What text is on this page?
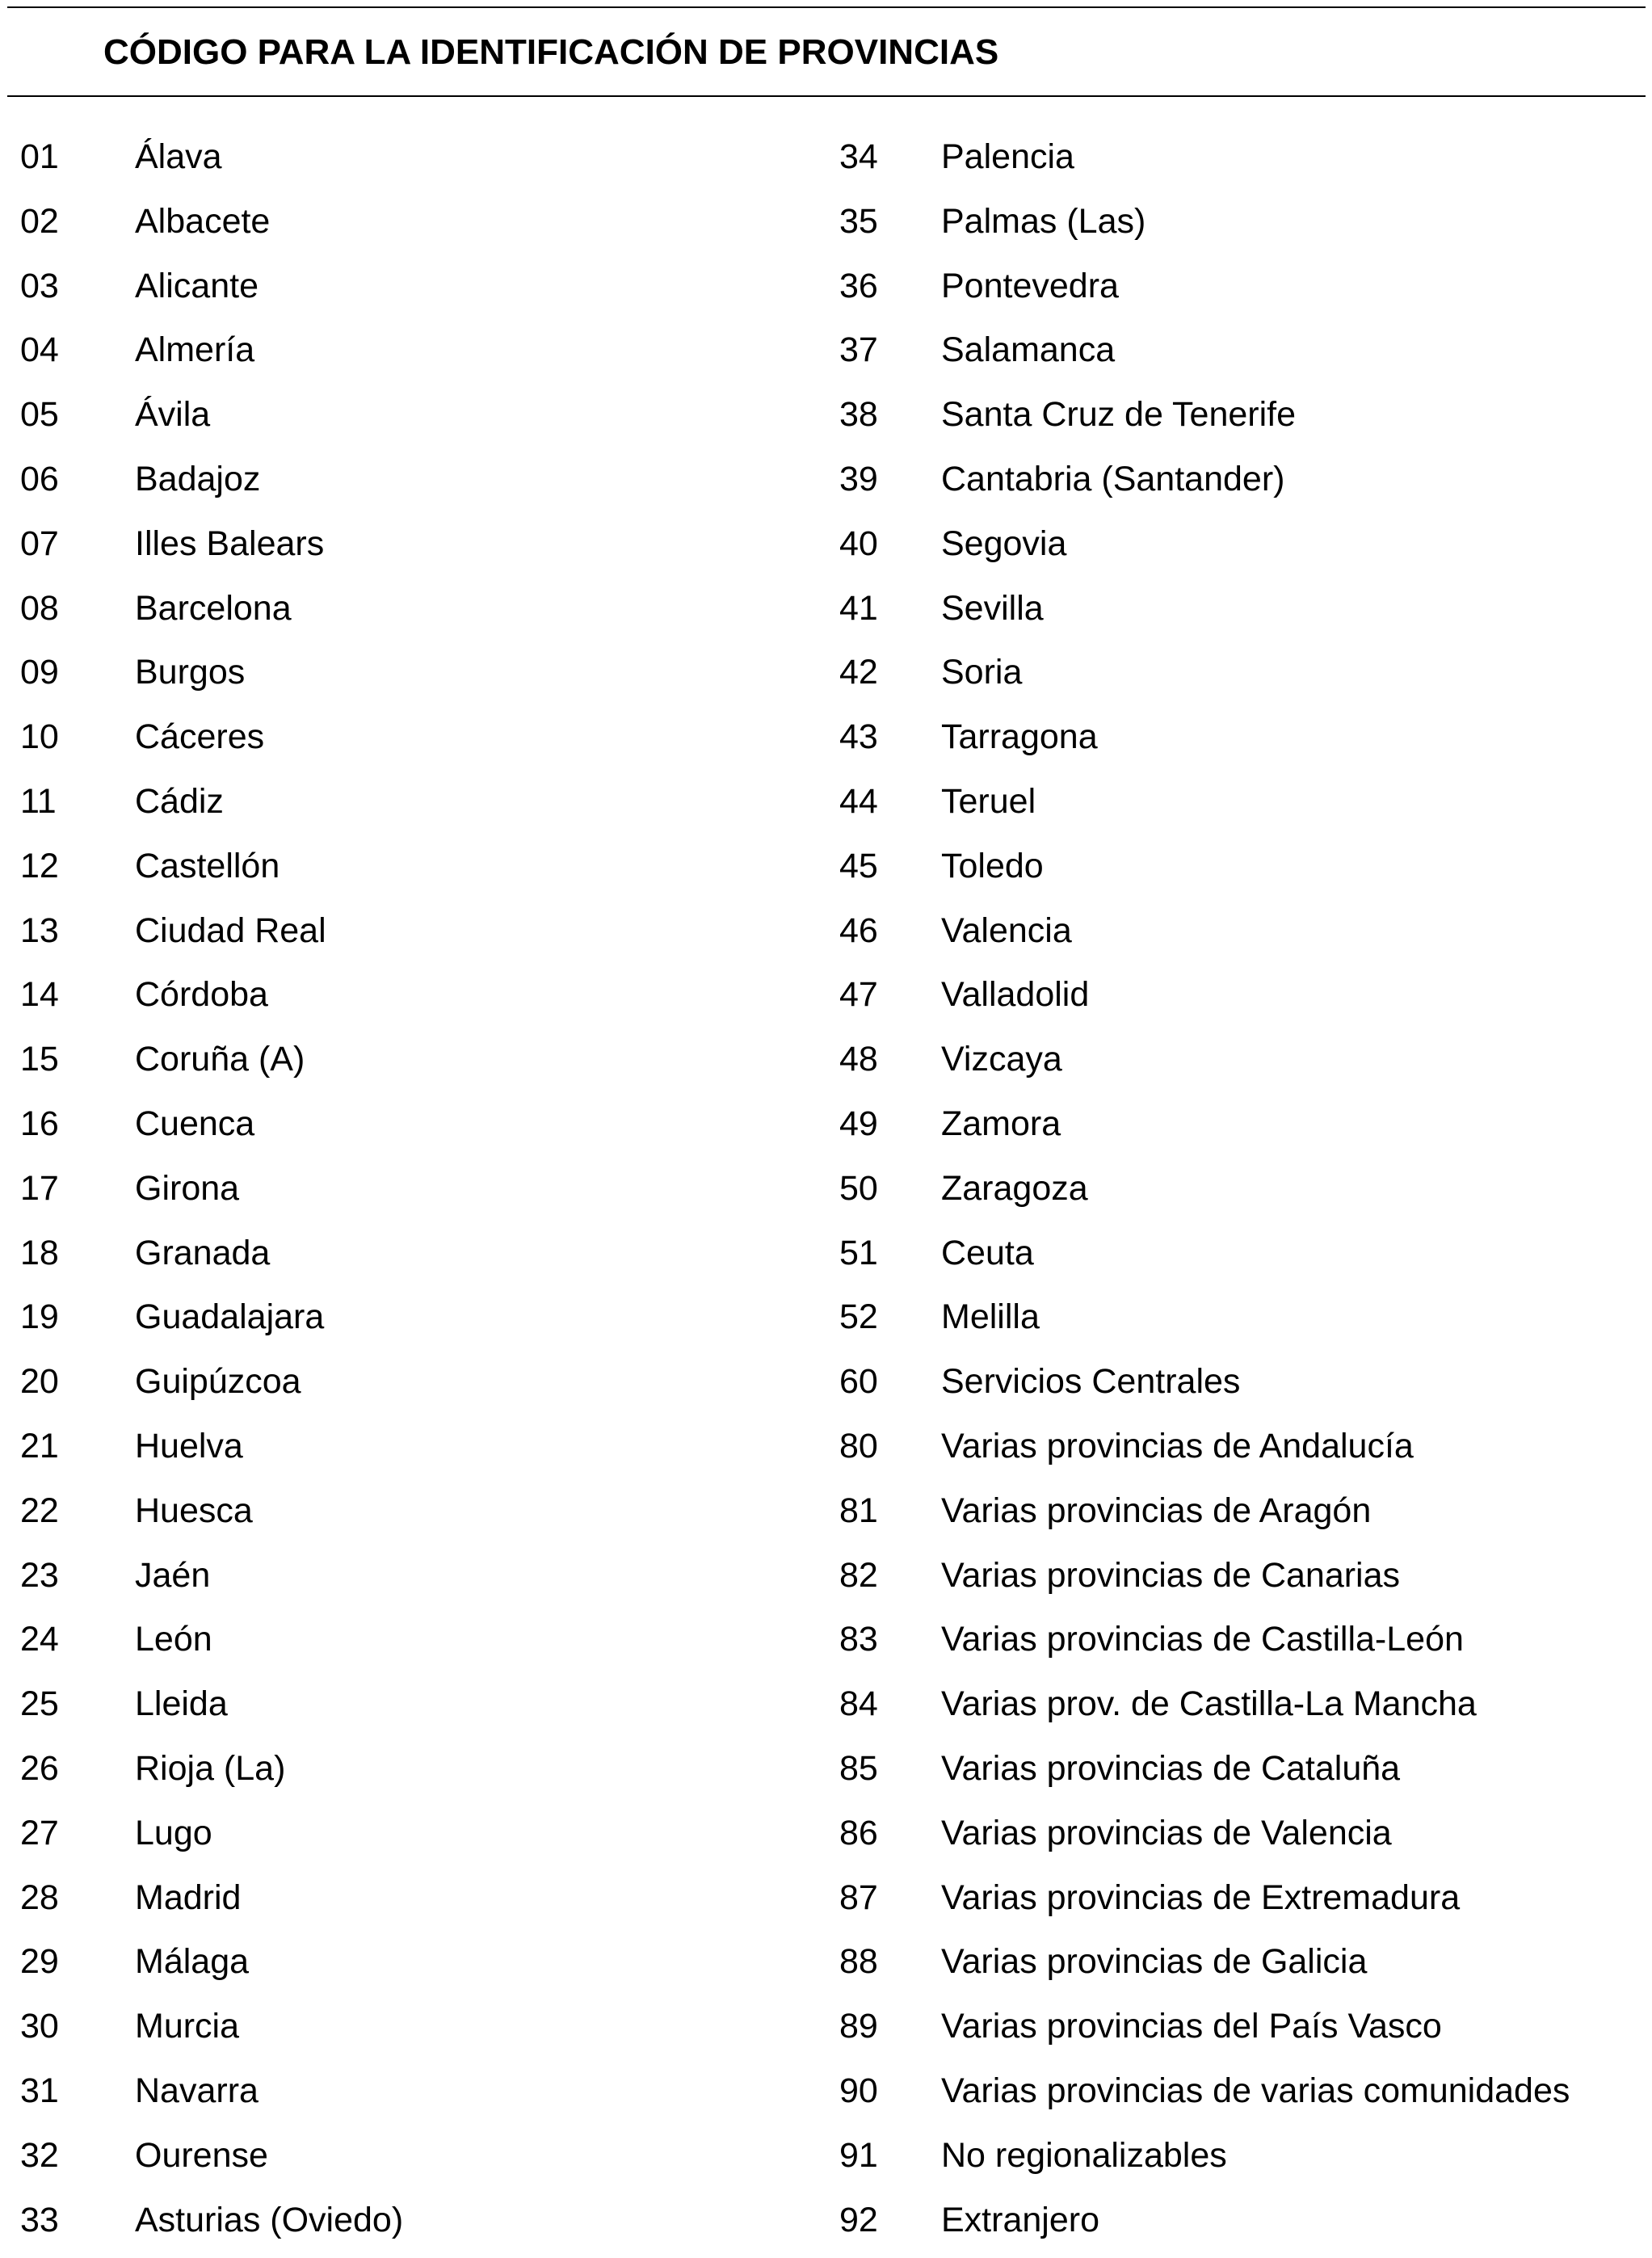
CÓDIGO PARA LA IDENTIFICACIÓN DE PROVINCIAS
01 Álava
02 Albacete
03 Alicante
04 Almería
05 Ávila
06 Badajoz
07 Illes Balears
08 Barcelona
09 Burgos
10 Cáceres
11 Cádiz
12 Castellón
13 Ciudad Real
14 Córdoba
15 Coruña (A)
16 Cuenca
17 Girona
18 Granada
19 Guadalajara
20 Guipúzcoa
21 Huelva
22 Huesca
23 Jaén
24 León
25 Lleida
26 Rioja (La)
27 Lugo
28 Madrid
29 Málaga
30 Murcia
31 Navarra
32 Ourense
33 Asturias (Oviedo)
34 Palencia
35 Palmas (Las)
36 Pontevedra
37 Salamanca
38 Santa Cruz de Tenerife
39 Cantabria (Santander)
40 Segovia
41 Sevilla
42 Soria
43 Tarragona
44 Teruel
45 Toledo
46 Valencia
47 Valladolid
48 Vizcaya
49 Zamora
50 Zaragoza
51 Ceuta
52 Melilla
60 Servicios Centrales
80 Varias provincias de Andalucía
81 Varias provincias de Aragón
82 Varias provincias de Canarias
83 Varias provincias de Castilla-León
84 Varias prov. de Castilla-La Mancha
85 Varias provincias de Cataluña
86 Varias provincias de Valencia
87 Varias provincias de Extremadura
88 Varias provincias de Galicia
89 Varias provincias del País Vasco
90 Varias provincias de varias comunidades
91 No regionalizables
92 Extranjero
